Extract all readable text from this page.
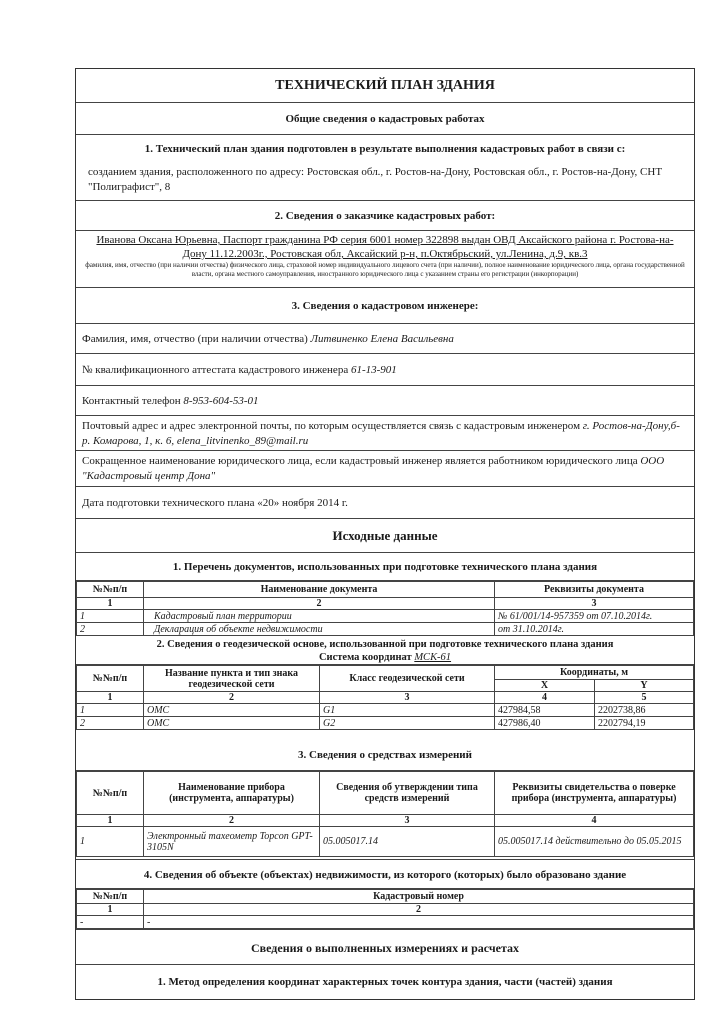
ТЕХНИЧЕСКИЙ ПЛАН ЗДАНИЯ
Общие сведения о кадастровых работах
1. Технический план здания подготовлен в результате выполнения кадастровых работ в связи с:
созданием здания, расположенного по адресу: Ростовская обл., г. Ростов-на-Дону, Ростовская обл., г. Ростов-на-Дону, СНТ "Полиграфист", 8
2. Сведения о заказчике кадастровых работ:
Иванова Оксана Юрьевна, Паспорт гражданина РФ серия 6001 номер 322898 выдан ОВД Аксайского района г. Ростова-на-Дону 11.12.2003г., Ростовская обл, Аксайский р-н, п.Октябрьский, ул.Ленина, д.9, кв.3
фамилия, имя, отчество (при наличии отчества) физического лица, страховой номер индивидуального лицевого счета (при наличии), полное наименование юридического лица, органа государственной власти, органа местного самоуправления, иностранного юридического лица с указанием страны его регистрации (инкорпорации)
3. Сведения о кадастровом инженере:
Фамилия, имя, отчество (при наличии отчества) Литвиненко Елена Васильевна
№ квалификационного аттестата кадастрового инженера 61-13-901
Контактный телефон 8-953-604-53-01
Почтовый адрес и адрес электронной почты, по которым осуществляется связь с кадастровым инженером г. Ростов-на-Дону,б-р. Комарова, 1, к. 6, elena_litvinenko_89@mail.ru
Сокращенное наименование юридического лица, если кадастровый инженер является работником юридического лица ООО "Кадастровый центр Дона"
Дата подготовки технического плана «20» ноября 2014 г.
Исходные данные
1. Перечень документов, использованных при подготовке технического плана здания
№№п/п	Наименование документа	Реквизиты документа
1	2	3
1	Кадастровый план территории	№ 61/001/14-957359 от 07.10.2014г.
2	Декларация об объекте недвижимости	от 31.10.2014г.
2. Сведения о геодезической основе, использованной при подготовке технического плана здания
Система координат МСК-61
№№п/п	Название пункта и тип знака геодезической сети	Класс геодезической сети	Координаты, м	
			X	Y
1	2	3	4	5
1	ОМС	G1	427984,58	2202738,86
2	ОМС	G2	427986,40	2202794,19
3. Сведения о средствах измерений
№№п/п	Наименование прибора (инструмента, аппаратуры)	Сведения об утверждении типа средств измерений	Реквизиты свидетельства о поверке прибора (инструмента, аппаратуры)
1	2	3	4
1	Электронный тахеометр Topcon GPT-3105N	05.005017.14	05.005017.14 действительно до 05.05.2015
4. Сведения об объекте (объектах) недвижимости, из которого (которых) было образовано здание
№№п/п	Кадастровый номер
1	2
-	-
Сведения о выполненных измерениях и расчетах
1. Метод определения координат характерных точек контура здания, части (частей) здания
